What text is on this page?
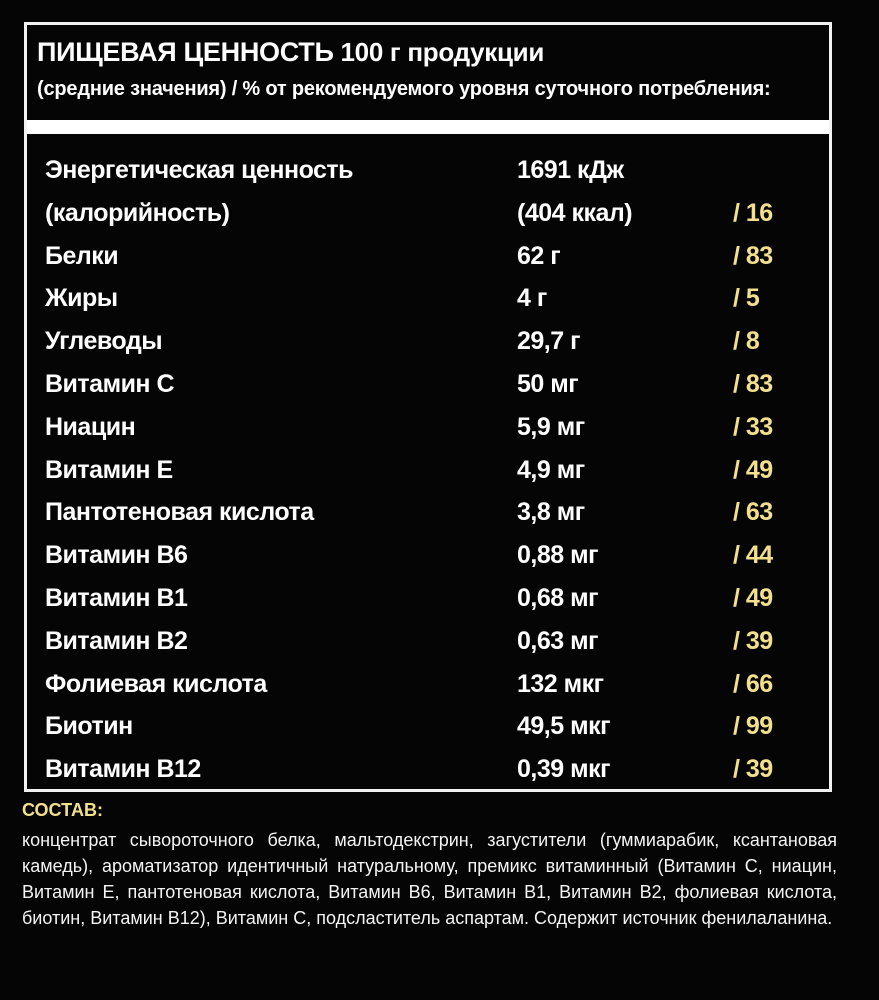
ПИЩЕВАЯ ЦЕННОСТЬ 100 г продукции
(средние значения) / % от рекомендуемого уровня суточного потребления:
Энергетическая ценность	1691 кДж
(калорийность)	(404 ккал)	/ 16
Белки	62 г	/ 83
Жиры	4 г	/ 5
Углеводы	29,7 г	/ 8
Витамин C	50 мг	/ 83
Ниацин	5,9 мг	/ 33
Витамин Е	4,9 мг	/ 49
Пантотеновая кислота	3,8 мг	/ 63
Витамин В6	0,88 мг	/ 44
Витамин В1	0,68 мг	/ 49
Витамин В2	0,63 мг	/ 39
Фолиевая кислота	132 мкг	/ 66
Биотин	49,5 мкг	/ 99
Витамин В12	0,39 мкг	/ 39
СОСТАВ:
концентрат сывороточного белка, мальтодекстрин, загустители (гуммиарабик, ксантановая камедь), ароматизатор идентичный натуральному, премикс витаминный (Витамин С, ниацин, Витамин Е, пантотеновая кислота, Витамин В6, Витамин В1, Витамин В2, фолиевая кислота, биотин, Витамин В12), Витамин С, подсластитель аспартам. Содержит источник фенилаланина.
